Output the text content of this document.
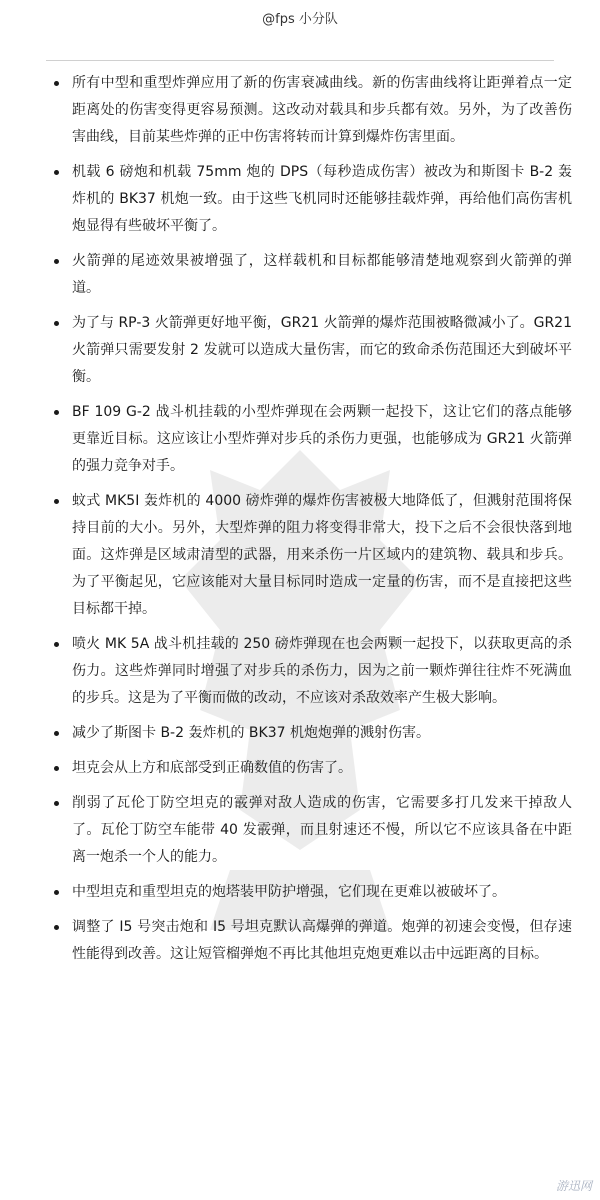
@fps 小分队
所有中型和重型炸弹应用了新的伤害衰减曲线。新的伤害曲线将让距弹着点一定距离处的伤害变得更容易预测。这改动对载具和步兵都有效。另外，为了改善伤害曲线，目前某些炸弹的正中伤害将转而计算到爆炸伤害里面。
机载 6 磅炮和机载 75mm 炮的 DPS（每秒造成伤害）被改为和斯图卡 B-2 轰炸机的 BK37 机炮一致。由于这些飞机同时还能够挂载炸弹，再给他们高伤害机炮显得有些破坏平衡了。
火箭弹的尾迹效果被增强了，这样载机和目标都能够清楚地观察到火箭弹的弹道。
为了与 RP-3 火箭弹更好地平衡，GR21 火箭弹的爆炸范围被略微减小了。GR21 火箭弹只需要发射 2 发就可以造成大量伤害，而它的致命杀伤范围还大到破坏平衡。
BF 109 G-2 战斗机挂载的小型炸弹现在会两颗一起投下，这让它们的落点能够更靠近目标。这应该让小型炸弹对步兵的杀伤力更强，也能够成为 GR21 火箭弹的强力竞争对手。
蚊式 MK5I 轰炸机的 4000 磅炸弹的爆炸伤害被极大地降低了，但溅射范围将保持目前的大小。另外，大型炸弹的阻力将变得非常大，投下之后不会很快落到地面。这炸弹是区域肃清型的武器，用来杀伤一片区域内的建筑物、载具和步兵。为了平衡起见，它应该能对大量目标同时造成一定量的伤害，而不是直接把这些目标都干掉。
喷火 MK 5A 战斗机挂载的 250 磅炸弹现在也会两颗一起投下，以获取更高的杀伤力。这些炸弹同时增强了对步兵的杀伤力，因为之前一颗炸弹往往炸不死满血的步兵。这是为了平衡而做的改动，不应该对杀敌效率产生极大影响。
减少了斯图卡 B-2 轰炸机的 BK37 机炮炮弹的溅射伤害。
坦克会从上方和底部受到正确数值的伤害了。
削弱了瓦伦丁防空坦克的霰弹对敌人造成的伤害，它需要多打几发来干掉敌人了。瓦伦丁防空车能带 40 发霰弹，而且射速还不慢，所以它不应该具备在中距离一炮杀一个人的能力。
中型坦克和重型坦克的炮塔装甲防护增强，它们现在更难以被破坏了。
调整了 I5 号突击炮和 I5 号坦克默认高爆弹的弹道。炮弹的初速会变慢，但存速性能得到改善。这让短管榴弹炮不再比其他坦克炮更难以击中远距离的目标。
游迅网
